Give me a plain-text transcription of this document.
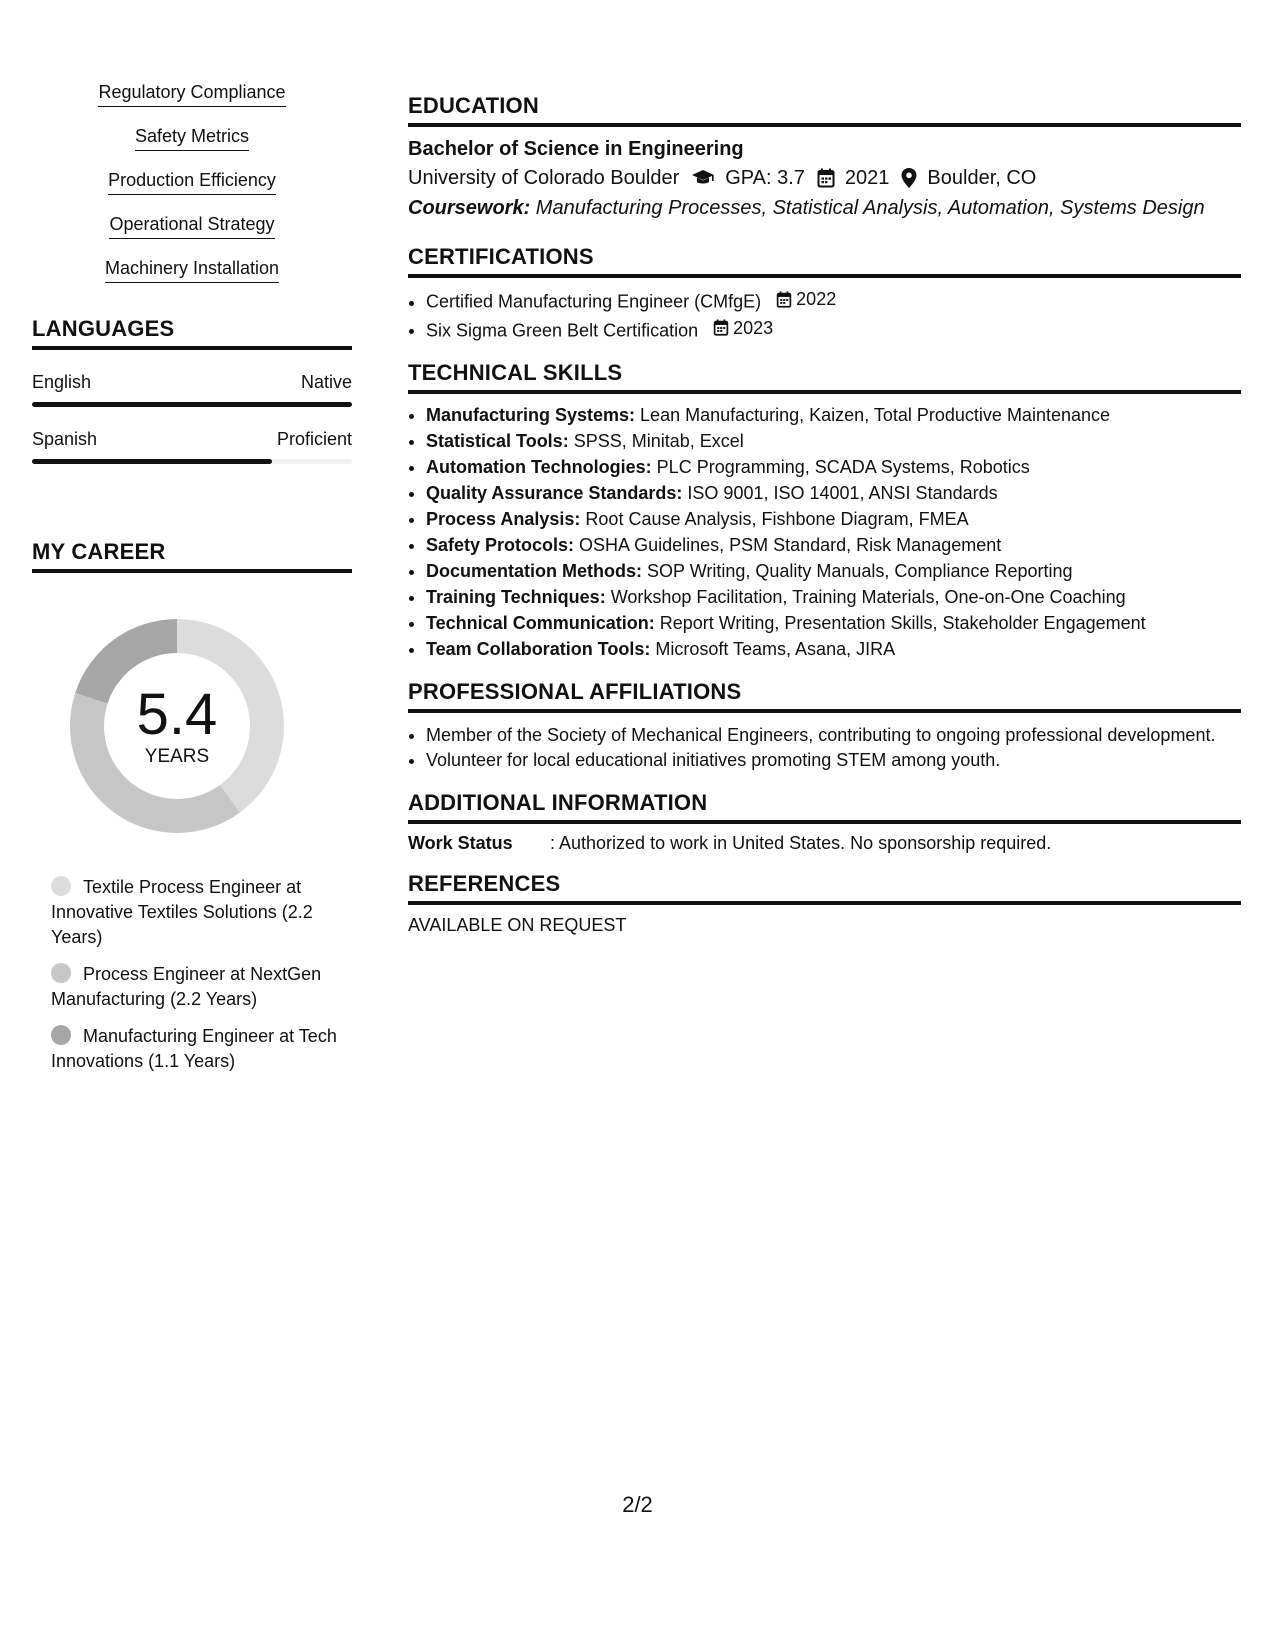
Regulatory Compliance
Safety Metrics
Production Efficiency
Operational Strategy
Machinery Installation
LANGUAGES
English	Native
Spanish	Proficient
MY CAREER
5.4
YEARS
Textile Process Engineer at Innovative Textiles Solutions (2.2 Years)
Process Engineer at NextGen Manufacturing (2.2 Years)
Manufacturing Engineer at Tech Innovations (1.1 Years)
EDUCATION
Bachelor of Science in Engineering
University of Colorado Boulder GPA: 3.7 2021 Boulder, CO
Coursework: Manufacturing Processes, Statistical Analysis, Automation, Systems Design
CERTIFICATIONS
• Certified Manufacturing Engineer (CMfgE) 2022
• Six Sigma Green Belt Certification 2023
TECHNICAL SKILLS
• Manufacturing Systems: Lean Manufacturing, Kaizen, Total Productive Maintenance
• Statistical Tools: SPSS, Minitab, Excel
• Automation Technologies: PLC Programming, SCADA Systems, Robotics
• Quality Assurance Standards: ISO 9001, ISO 14001, ANSI Standards
• Process Analysis: Root Cause Analysis, Fishbone Diagram, FMEA
• Safety Protocols: OSHA Guidelines, PSM Standard, Risk Management
• Documentation Methods: SOP Writing, Quality Manuals, Compliance Reporting
• Training Techniques: Workshop Facilitation, Training Materials, One-on-One Coaching
• Technical Communication: Report Writing, Presentation Skills, Stakeholder Engagement
• Team Collaboration Tools: Microsoft Teams, Asana, JIRA
PROFESSIONAL AFFILIATIONS
• Member of the Society of Mechanical Engineers, contributing to ongoing professional development.
• Volunteer for local educational initiatives promoting STEM among youth.
ADDITIONAL INFORMATION
Work Status	: Authorized to work in United States. No sponsorship required.
REFERENCES
AVAILABLE ON REQUEST
2/2
